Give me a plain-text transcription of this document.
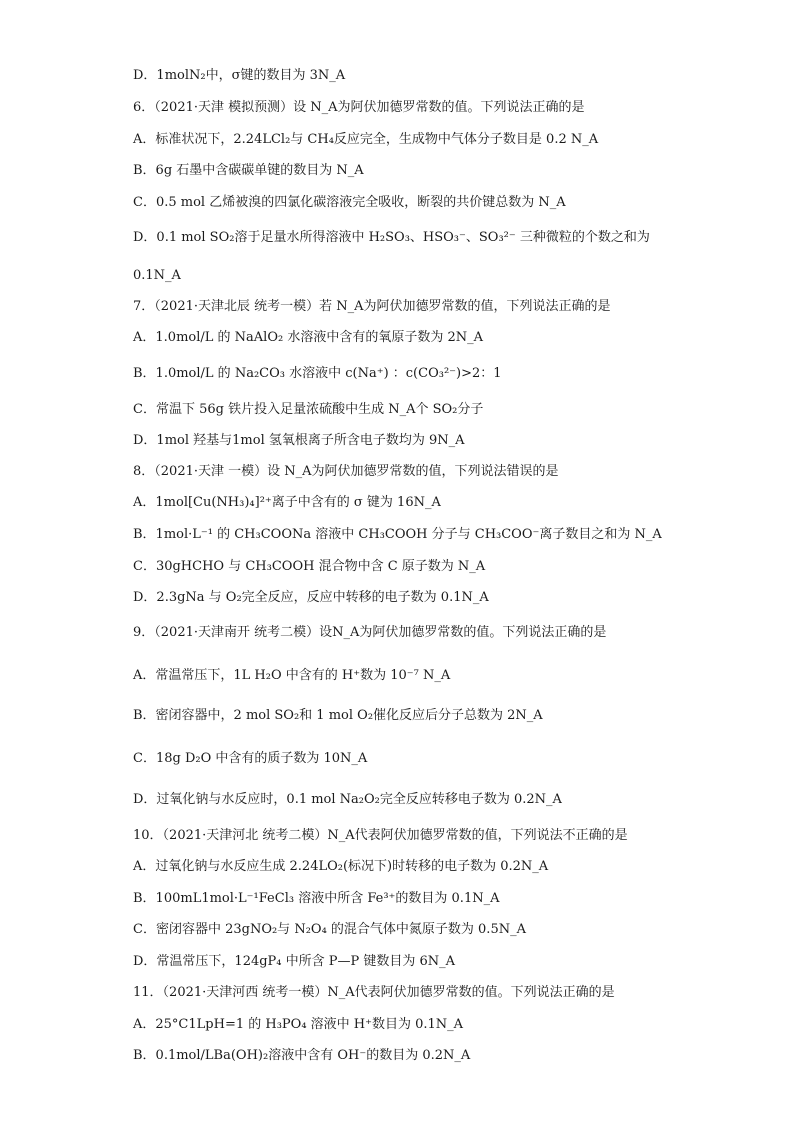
D．1molN₂中，σ键的数目为 3N_A
6．（2021·天津 模拟预测）设 N_A为阿伏加德罗常数的值。下列说法正确的是
A．标准状况下，2.24LCl₂与 CH₄反应完全，生成物中气体分子数目是 0.2 N_A
B．6g 石墨中含碳碳单键的数目为 N_A
C．0.5 mol 乙烯被溴的四氯化碳溶液完全吸收，断裂的共价键总数为 N_A
D．0.1 mol SO₂溶于足量水所得溶液中 H₂SO₃、HSO₃⁻、SO₃²⁻ 三种微粒的个数之和为
0.1N_A
7．（2021·天津北辰 统考一模）若 N_A为阿伏加德罗常数的值，下列说法正确的是
A．1.0mol/L 的 NaAlO₂ 水溶液中含有的氧原子数为 2N_A
B．1.0mol/L 的 Na₂CO₃ 水溶液中 c(Na⁺) ：c(CO₃²⁻)>2：1
C．常温下 56g 铁片投入足量浓硫酸中生成 N_A个 SO₂分子
D．1mol 羟基与1mol 氢氧根离子所含电子数均为 9N_A
8．（2021·天津 一模）设 N_A为阿伏加德罗常数的值，下列说法错误的是
A．1mol[Cu(NH₃)₄]²⁺离子中含有的 σ 键为 16N_A
B．1mol·L⁻¹ 的 CH₃COONa 溶液中 CH₃COOH 分子与 CH₃COO⁻离子数目之和为 N_A
C．30gHCHO 与 CH₃COOH 混合物中含 C 原子数为 N_A
D．2.3gNa 与 O₂完全反应，反应中转移的电子数为 0.1N_A
9．（2021·天津南开 统考二模）设N_A为阿伏加德罗常数的值。下列说法正确的是
A．常温常压下，1L H₂O 中含有的 H⁺数为 10⁻⁷ N_A
B．密闭容器中，2 mol SO₂和 1 mol O₂催化反应后分子总数为 2N_A
C．18g D₂O 中含有的质子数为 10N_A
D．过氧化钠与水反应时，0.1 mol Na₂O₂完全反应转移电子数为 0.2N_A
10．（2021·天津河北 统考二模）N_A代表阿伏加德罗常数的值，下列说法不正确的是
A．过氧化钠与水反应生成 2.24LO₂(标况下)时转移的电子数为 0.2N_A
B．100mL1mol·L⁻¹FeCl₃ 溶液中所含 Fe³⁺的数目为 0.1N_A
C．密闭容器中 23gNO₂与 N₂O₄ 的混合气体中氮原子数为 0.5N_A
D．常温常压下，124gP₄ 中所含 P—P 键数目为 6N_A
11．（2021·天津河西 统考一模）N_A代表阿伏加德罗常数的值。下列说法正确的是
A．25°C1LpH=1 的 H₃PO₄ 溶液中 H⁺数目为 0.1N_A
B．0.1mol/LBa(OH)₂溶液中含有 OH⁻的数目为 0.2N_A
